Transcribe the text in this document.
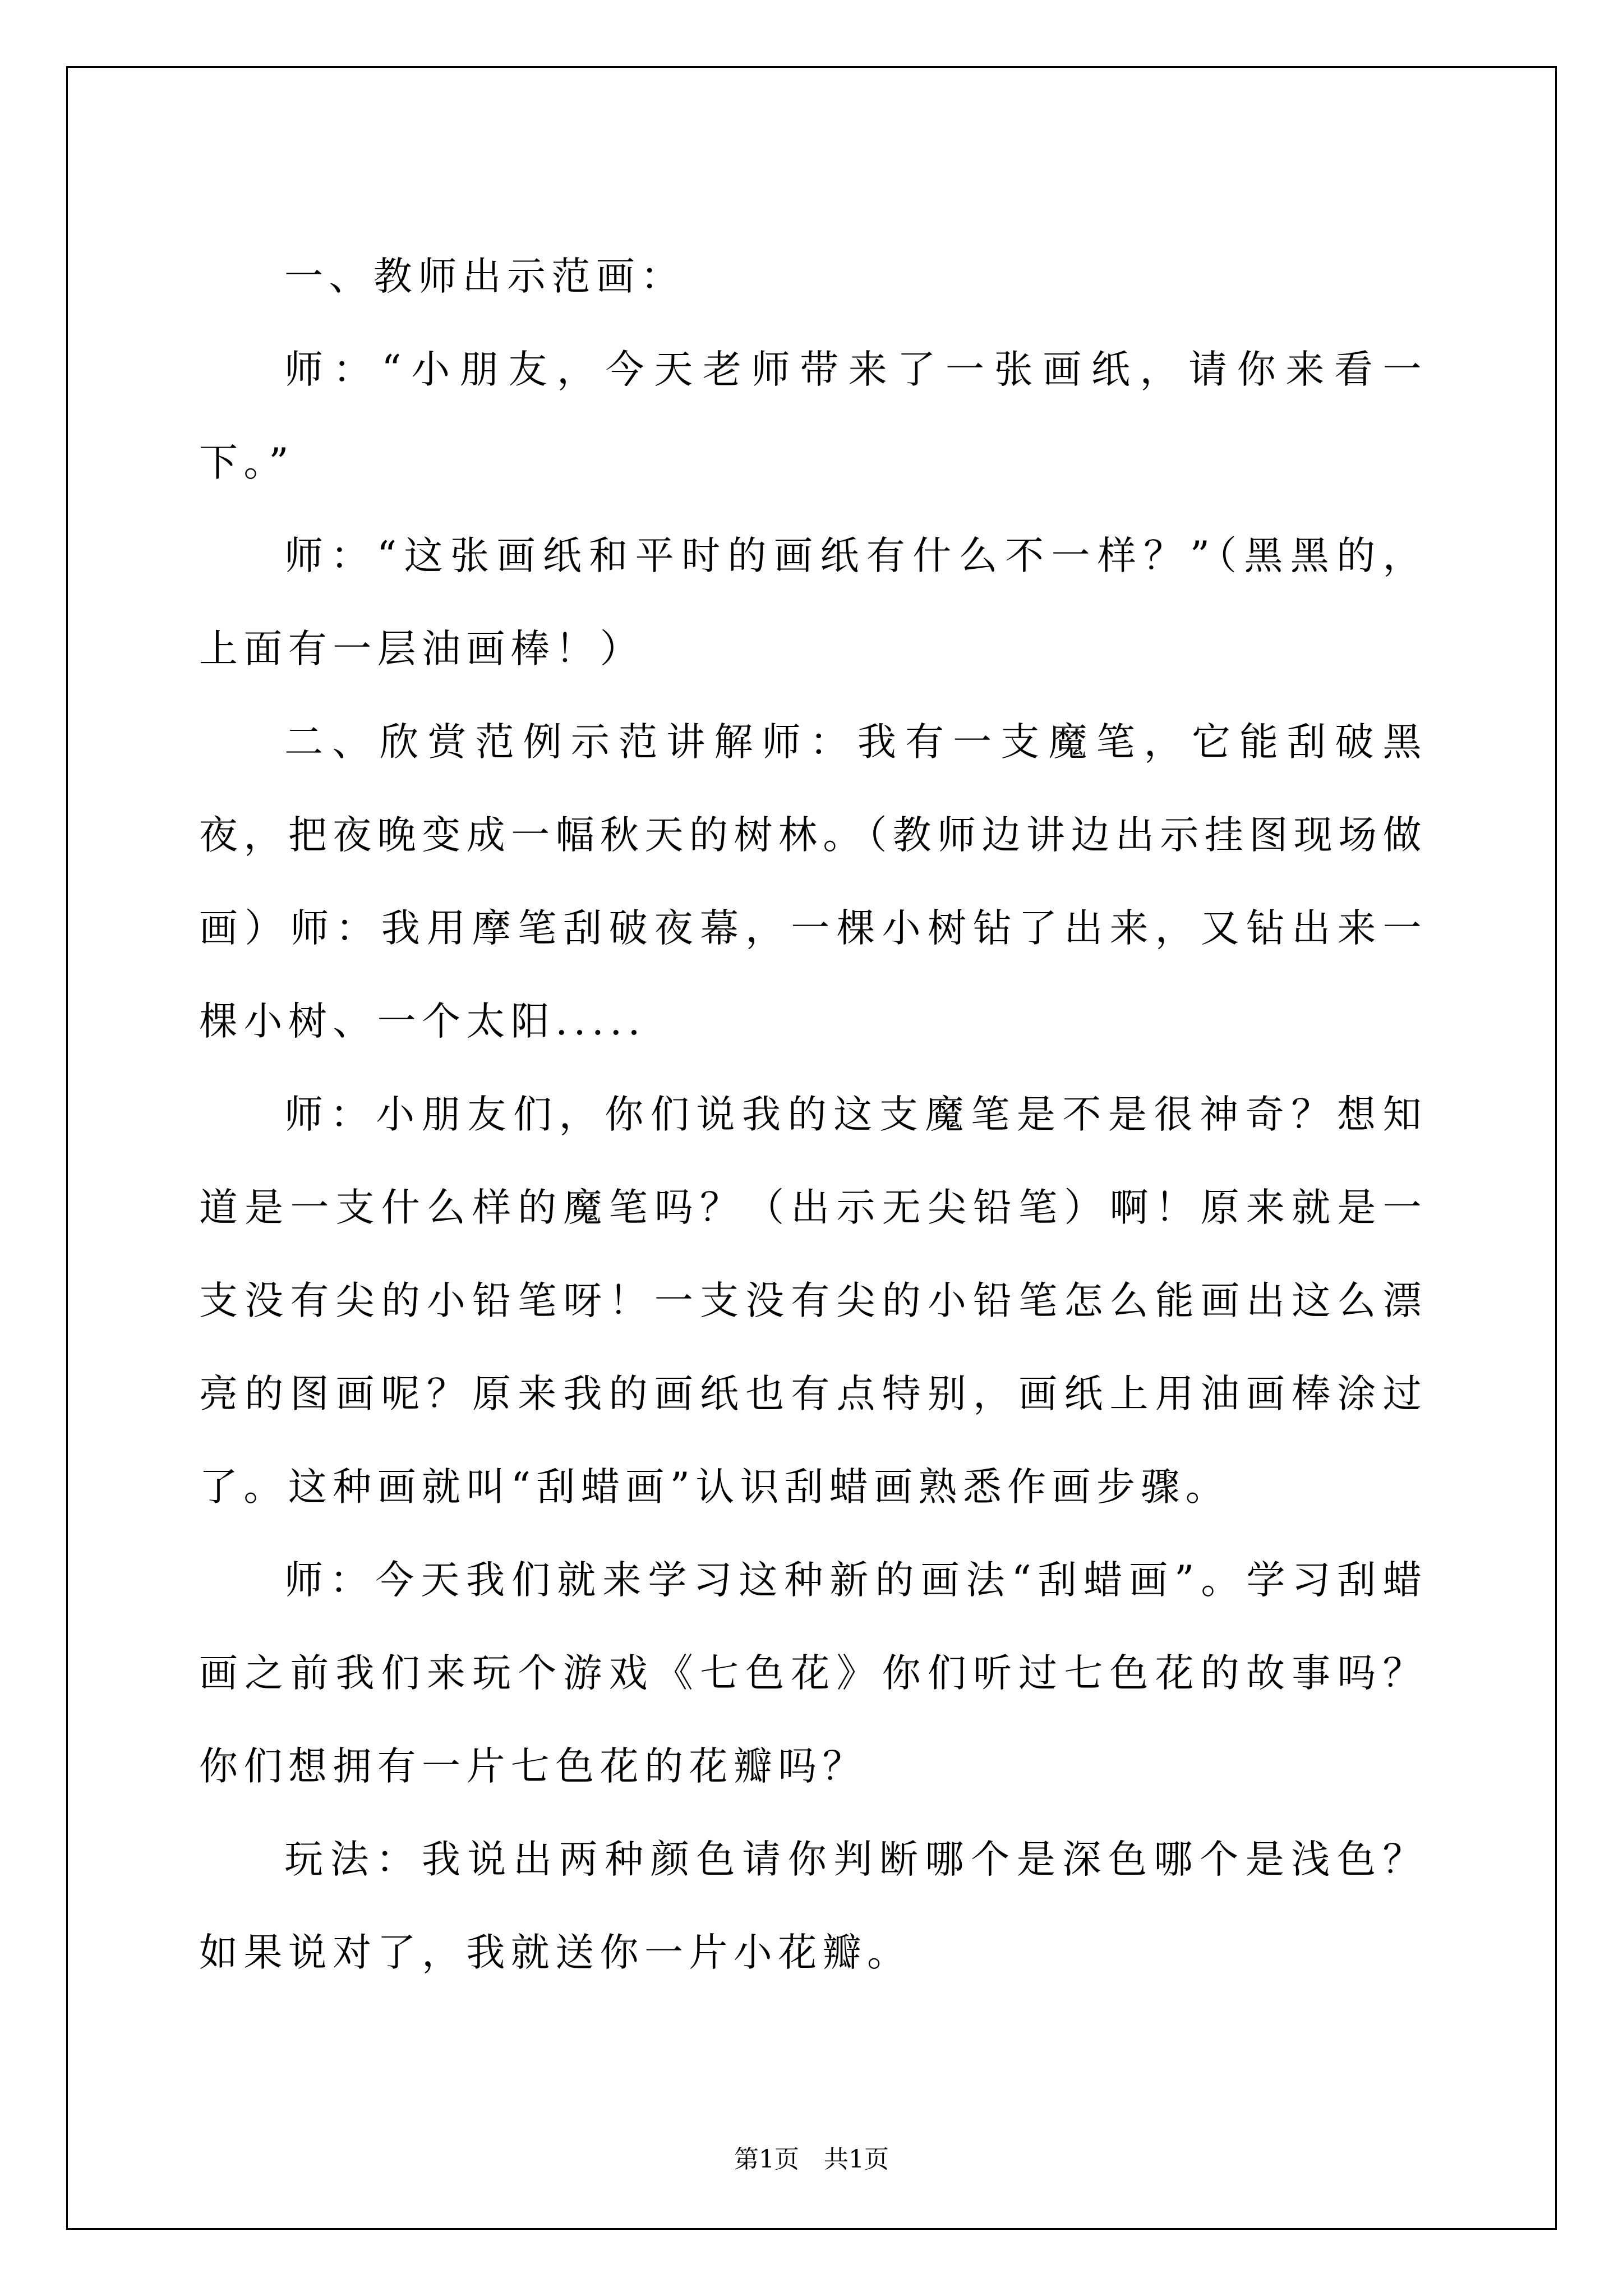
一、教师出示范画：

师：“小朋友，今天老师带来了一张画纸，请你来看一下。”

师：“这张画纸和平时的画纸有什么不一样？”（黑黑的，上面有一层油画棒！）

二、欣赏范例示范讲解师：我有一支魔笔，它能刮破黑夜，把夜晚变成一幅秋天的树林。（教师边讲边出示挂图现场做画）师：我用摩笔刮破夜幕，一棵小树钻了出来，又钻出来一棵小树、一个太阳.....

师：小朋友们，你们说我的这支魔笔是不是很神奇？想知道是一支什么样的魔笔吗？（出示无尖铅笔）啊！原来就是一支没有尖的小铅笔呀！一支没有尖的小铅笔怎么能画出这么漂亮的图画呢？原来我的画纸也有点特别，画纸上用油画棒涂过了。这种画就叫“刮蜡画”认识刮蜡画熟悉作画步骤。

师：今天我们就来学习这种新的画法“刮蜡画”。学习刮蜡画之前我们来玩个游戏《七色花》你们听过七色花的故事吗？你们想拥有一片七色花的花瓣吗？

玩法：我说出两种颜色请你判断哪个是深色哪个是浅色？如果说对了，我就送你一片小花瓣。

第1页　共1页
